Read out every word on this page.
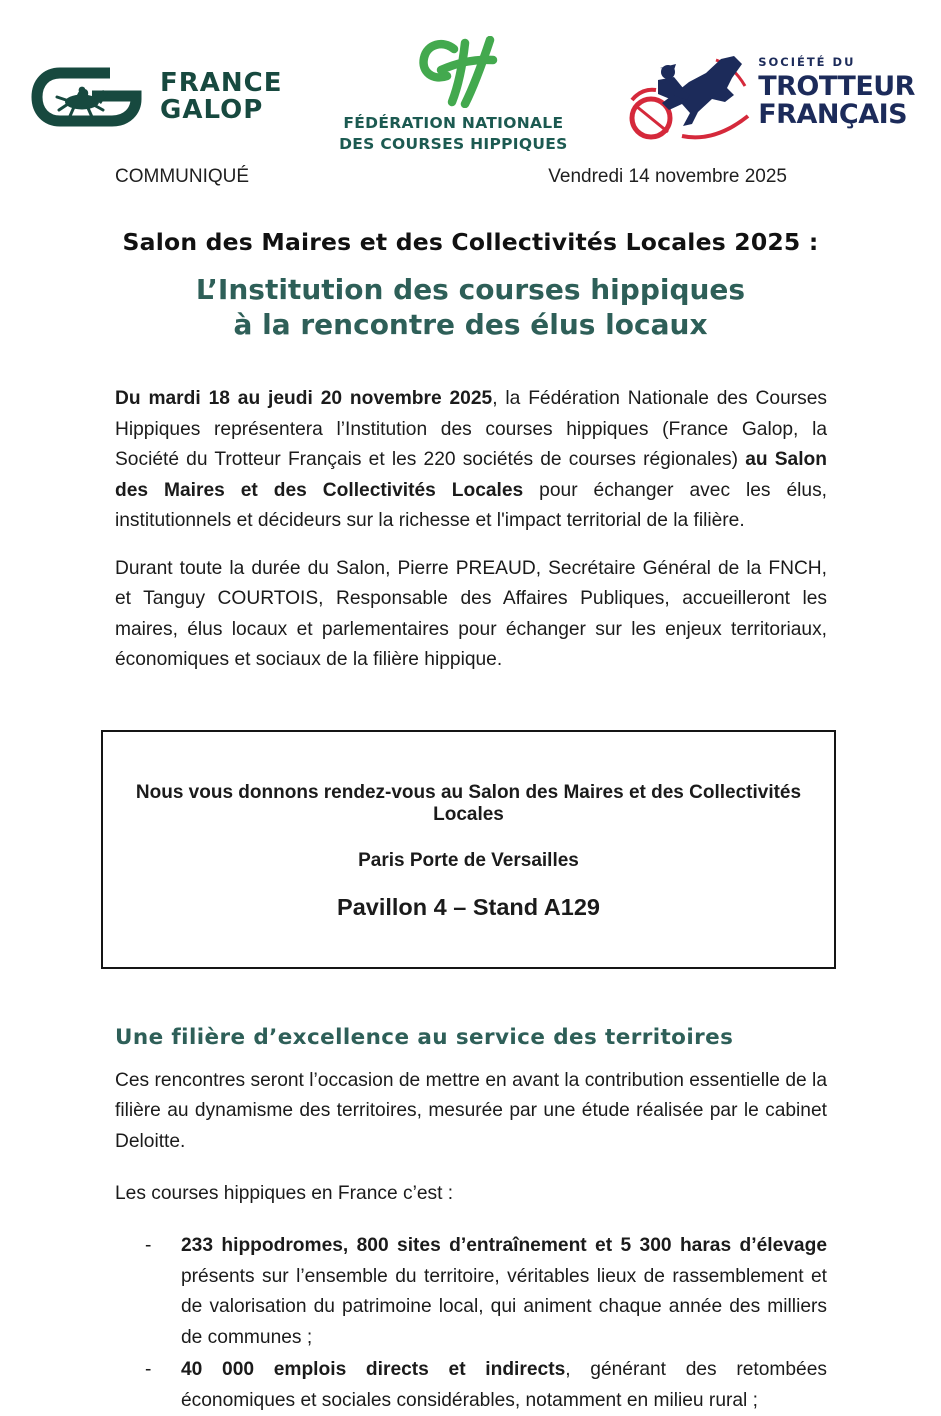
FRANCE
GALOP	FÉDÉRATION NATIONALE
DES COURSES HIPPIQUES
SOCIÉTÉ DU
TROTTEUR
FRANÇAIS
COMMUNIQUÉ	Vendredi 14 novembre 2025
Salon des Maires et des Collectivités Locales 2025 :
L’Institution des courses hippiques
à la rencontre des élus locaux
Du mardi 18 au jeudi 20 novembre 2025, la Fédération Nationale des Courses Hippiques représentera l’Institution des courses hippiques (France Galop, la Société du Trotteur Français et les 220 sociétés de courses régionales) au Salon des Maires et des Collectivités Locales pour échanger avec les élus, institutionnels et décideurs sur la richesse et l'impact territorial de la filière.
Durant toute la durée du Salon, Pierre PREAUD, Secrétaire Général de la FNCH, et Tanguy COURTOIS, Responsable des Affaires Publiques, accueilleront les maires, élus locaux et parlementaires pour échanger sur les enjeux territoriaux, économiques et sociaux de la filière hippique.
Nous vous donnons rendez-vous au Salon des Maires et des Collectivités Locales
Paris Porte de Versailles
Pavillon 4 – Stand A129
Une filière d’excellence au service des territoires
Ces rencontres seront l’occasion de mettre en avant la contribution essentielle de la filière au dynamisme des territoires, mesurée par une étude réalisée par le cabinet Deloitte.
Les courses hippiques en France c’est :
-	233 hippodromes, 800 sites d’entraînement et 5 300 haras d’élevage présents sur l’ensemble du territoire, véritables lieux de rassemblement et de valorisation du patrimoine local, qui animent chaque année des milliers de communes ;
-	40 000 emplois directs et indirects, générant des retombées économiques et sociales considérables, notamment en milieu rural ;
